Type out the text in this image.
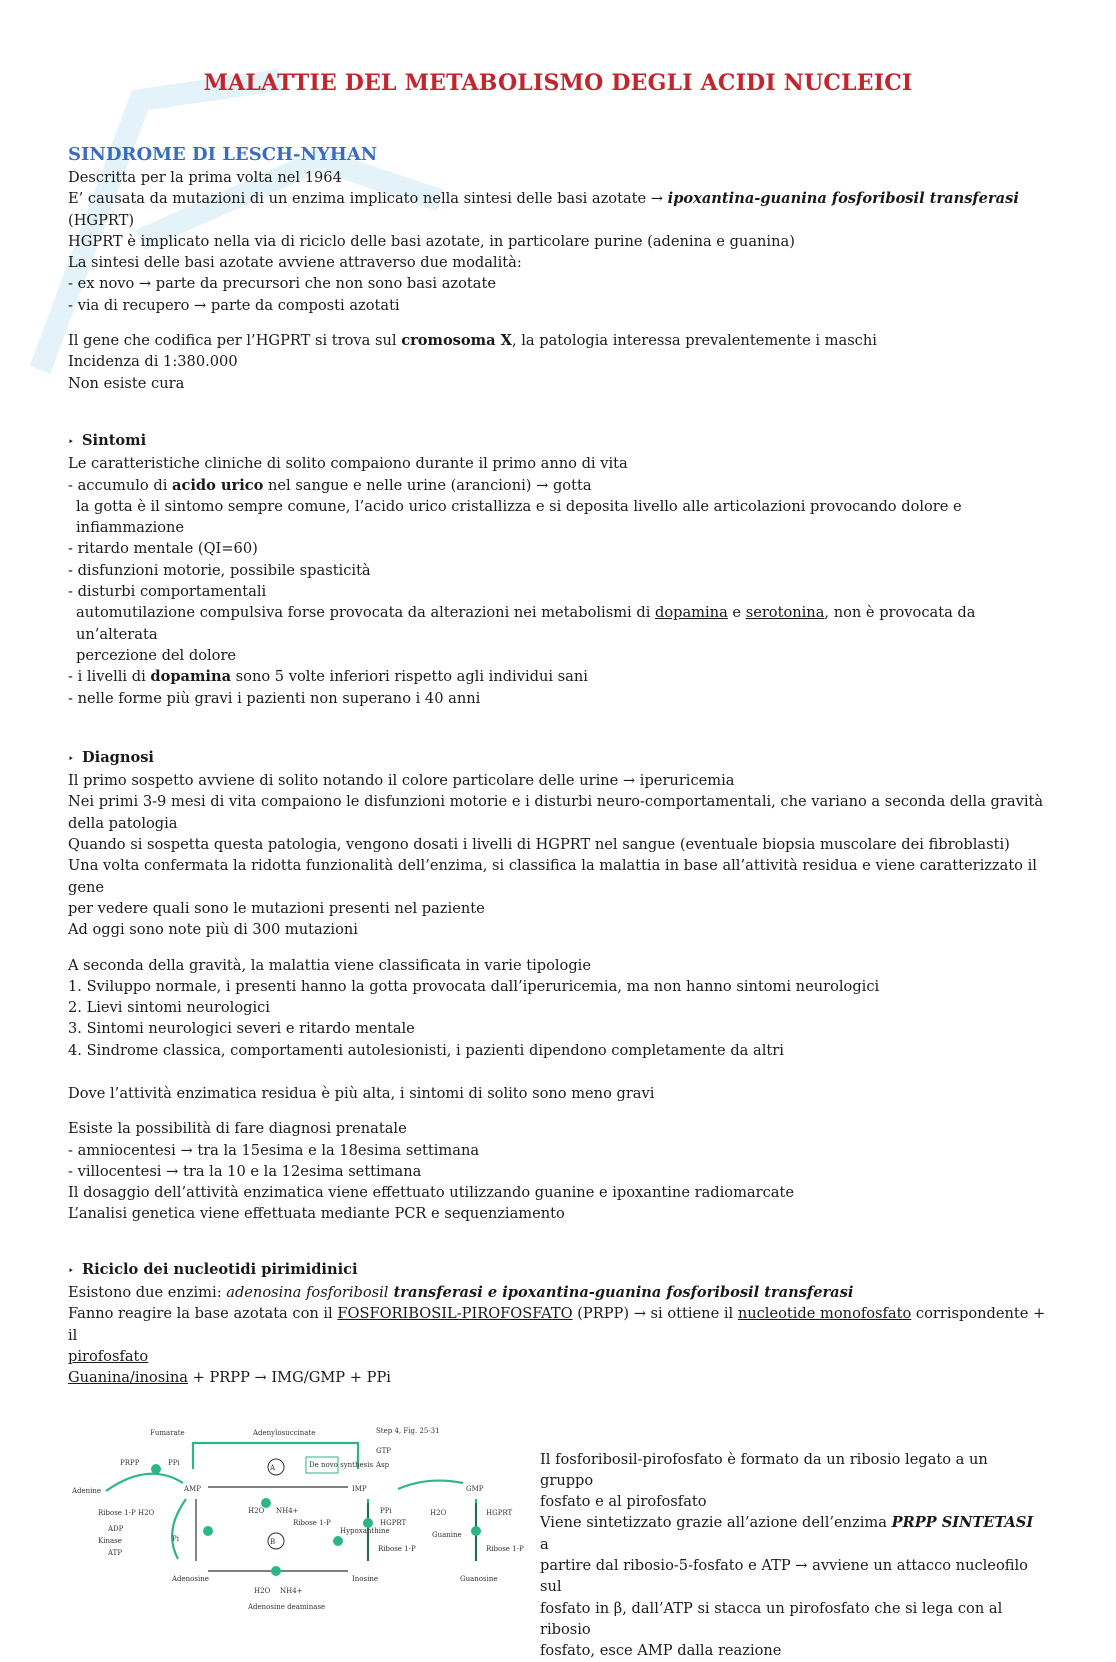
MALATTIE DEL METABOLISMO DEGLI ACIDI NUCLEICI
SINDROME DI LESCH-NYHAN

Descritta per la prima volta nel 1964

E’ causata da mutazioni di un enzima implicato nella sintesi delle basi azotate → ipoxantina-guanina fosforibosil transferasi (HGPRT)

HGPRT è implicato nella via di riciclo delle basi azotate, in particolare purine (adenina e guanina)

La sintesi delle basi azotate avviene attraverso due modalità:

- ex novo → parte da precursori che non sono basi azotate

- via di recupero → parte da composti azotati

Il gene che codifica per l’HGPRT si trova sul cromosoma X, la patologia interessa prevalentemente i maschi

Incidenza di 1:380.000

Non esiste cura

‣ Sintomi

Le caratteristiche cliniche di solito compaiono durante il primo anno di vita

- accumulo di acido urico nel sangue e nelle urine (arancioni) → gotta

la gotta è il sintomo sempre comune, l’acido urico cristallizza e si deposita livello alle articolazioni provocando dolore e infiammazione

- ritardo mentale (QI=60)

- disfunzioni motorie, possibile spasticità

- disturbi comportamentali

automutilazione compulsiva forse provocata da alterazioni nei metabolismi di dopamina e serotonina, non è provocata da un’alterata

percezione del dolore

- i livelli di dopamina sono 5 volte inferiori rispetto agli individui sani

- nelle forme più gravi i pazienti non superano i 40 anni

‣ Diagnosi

Il primo sospetto avviene di solito notando il colore particolare delle urine → iperuricemia

Nei primi 3-9 mesi di vita compaiono le disfunzioni motorie e i disturbi neuro-comportamentali, che variano a seconda della gravità

della patologia

Quando si sospetta questa patologia, vengono dosati i livelli di HGPRT nel sangue (eventuale biopsia muscolare dei fibroblasti)

Una volta confermata la ridotta funzionalità dell’enzima, si classifica la malattia in base all’attività residua e viene caratterizzato il gene

per vedere quali sono le mutazioni presenti nel paziente

Ad oggi sono note più di 300 mutazioni

A seconda della gravità, la malattia viene classificata in varie tipologie

1. Sviluppo normale, i presenti hanno la gotta provocata dall’iperuricemia, ma non hanno sintomi neurologici

2. Lievi sintomi neurologici

3. Sintomi neurologici severi e ritardo mentale

4. Sindrome classica, comportamenti autolesionisti, i pazienti dipendono completamente da altri

Dove l’attività enzimatica residua è più alta, i sintomi di solito sono meno gravi

Esiste la possibilità di fare diagnosi prenatale

- amniocentesi → tra la 15esima e la 18esima settimana

- villocentesi → tra la 10 e la 12esima settimana

Il dosaggio dell’attività enzimatica viene effettuato utilizzando guanine e ipoxantine radiomarcate

L’analisi genetica viene effettuata mediante PCR e sequenziamento

‣ Riciclo dei nucleotidi pirimidinici

Esistono due enzimi: adenosina fosforibosil transferasi e ipoxantina-guanina fosforibosil transferasi

Fanno reagire la base azotata con il FOSFORIBOSIL-PIROFOSFATO (PRPP) → si ottiene il nucleotide monofosfato corrispondente + il

pirofosfato

Guanina/inosina + PRPP → IMG/GMP + PPi

Fumarate	Adenylosuccinate	Step 4, Fig. 25-31
GTP
Asp
PRPP	PPi
Adenine	AMP	IMP	GMP
De novo synthesis
A
B
Ribose 1-P H2O	H2O NH4+
Ribose 1-P
PPi
HGPRT
Hypoxanthine
H2O	HGPRT
Guanine
ADP
Kinase
ATP
Pi
Ribose 1-P	Ribose 1-P
Adenosine	Inosine	Guanosine
H2O NH4+
Adenosine deaminase

Il fosforibosil-pirofosfato è formato da un ribosio legato a un gruppo

fosfato e al pirofosfato

Viene sintetizzato grazie all’azione dell’enzima PRPP SINTETASI a

partire dal ribosio-5-fosfato e ATP → avviene un attacco nucleofilo sul

fosfato in β, dall’ATP si stacca un pirofosfato che si lega con al ribosio

fosfato, esce AMP dalla reazione
